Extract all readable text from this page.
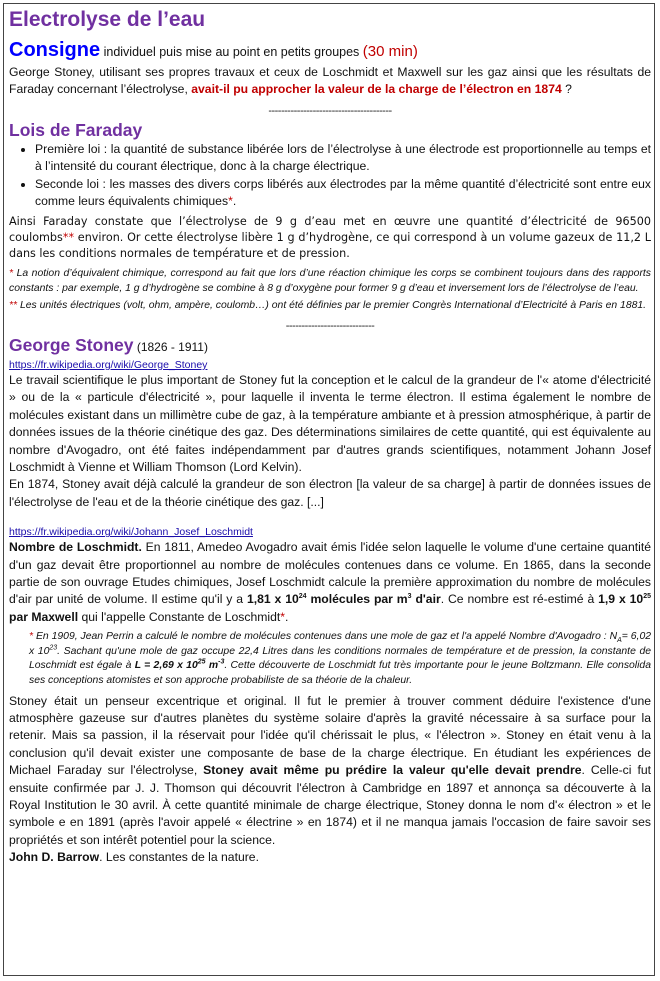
Electrolyse de l’eau
Consigne individuel puis mise au point en petits groupes (30 min)

George Stoney, utilisant ses propres travaux et ceux de Loschmidt et Maxwell sur les gaz ainsi que les résultats de Faraday concernant l’électrolyse, avait-il pu approcher la valeur de la charge de l’électron en 1874 ?

---------------------------------------
Lois de Faraday
• Première loi : la quantité de substance libérée lors de l’électrolyse à une électrode est proportionnelle au temps et à l’intensité du courant électrique, donc à la charge électrique.
• Seconde loi : les masses des divers corps libérés aux électrodes par la même quantité d’électricité sont entre eux comme leurs équivalents chimiques*.

Ainsi Faraday constate que l’électrolyse de 9 g d’eau met en œuvre une quantité d’électricité de 96500 coulombs** environ. Or cette électrolyse libère 1 g d’hydrogène, ce qui correspond à un volume gazeux de 11,2 L dans les conditions normales de température et de pression.

* La notion d’équivalent chimique, correspond au fait que lors d’une réaction chimique les corps se combinent toujours dans des rapports constants : par exemple, 1 g d’hydrogène se combine à 8 g d’oxygène pour former 9 g d’eau et inversement lors de l’électrolyse de l’eau.

** Les unités électriques (volt, ohm, ampère, coulomb…) ont été définies par le premier Congrès International d’Electricité à Paris en 1881.

----------------------------
George Stoney (1826 - 1911)
https://fr.wikipedia.org/wiki/George_Stoney

Le travail scientifique le plus important de Stoney fut la conception et le calcul de la grandeur de l'« atome d'électricité » ou de la « particule d'électricité », pour laquelle il inventa le terme électron. Il estima également le nombre de molécules existant dans un millimètre cube de gaz, à la température ambiante et à pression atmosphérique, à partir de données issues de la théorie cinétique des gaz. Des déterminations similaires de cette quantité, qui est équivalente au nombre d'Avogadro, ont été faites indépendamment par d'autres grands scientifiques, notamment Johann Josef Loschmidt à Vienne et William Thomson (Lord Kelvin).

En 1874, Stoney avait déjà calculé la grandeur de son électron [la valeur de sa charge] à partir de données issues de l'électrolyse de l'eau et de la théorie cinétique des gaz. [...]

https://fr.wikipedia.org/wiki/Johann_Josef_Loschmidt

Nombre de Loschmidt. En 1811, Amedeo Avogadro avait émis l'idée selon laquelle le volume d'une certaine quantité d'un gaz devait être proportionnel au nombre de molécules contenues dans ce volume. En 1865, dans la seconde partie de son ouvrage Etudes chimiques, Josef Loschmidt calcule la première approximation du nombre de molécules d'air par unité de volume. Il estime qu'il y a 1,81 x $10^{24}$ molécules par $m^3$ d'air. Ce nombre est ré-estimé à 1,9 x $10^{25}$ par Maxwell qui l'appelle Constante de Loschmidt*.

* En 1909, Jean Perrin a calculé le nombre de molécules contenues dans une mole de gaz et l'a appelé Nombre d'Avogadro : $N_A= 6,02$ x $10^{23}$. Sachant qu'une mole de gaz occupe 22,4 Litres dans les conditions normales de température et de pression, la constante de Loschmidt est égale à L = 2,69 x $10^{25}$ $m^{-3}$. Cette découverte de Loschmidt fut très importante pour le jeune Boltzmann. Elle consolida ses conceptions atomistes et son approche probabiliste de sa théorie de la chaleur.

Stoney était un penseur excentrique et original. Il fut le premier à trouver comment déduire l'existence d'une atmosphère gazeuse sur d'autres planètes du système solaire d'après la gravité nécessaire à sa surface pour la retenir. Mais sa passion, il la réservait pour l'idée qu'il chérissait le plus, « l'électron ». Stoney en était venu à la conclusion qu'il devait exister une composante de base de la charge électrique. En étudiant les expériences de Michael Faraday sur l'électrolyse, Stoney avait même pu prédire la valeur qu'elle devait prendre. Celle-ci fut ensuite confirmée par J. J. Thomson qui découvrit l'électron à Cambridge en 1897 et annonça sa découverte à la Royal Institution le 30 avril. À cette quantité minimale de charge électrique, Stoney donna le nom d'« électron » et le symbole e en 1891 (après l'avoir appelé « électrine » en 1874) et il ne manqua jamais l'occasion de faire savoir ses propriétés et son intérêt potentiel pour la science.

John D. Barrow. Les constantes de la nature.
